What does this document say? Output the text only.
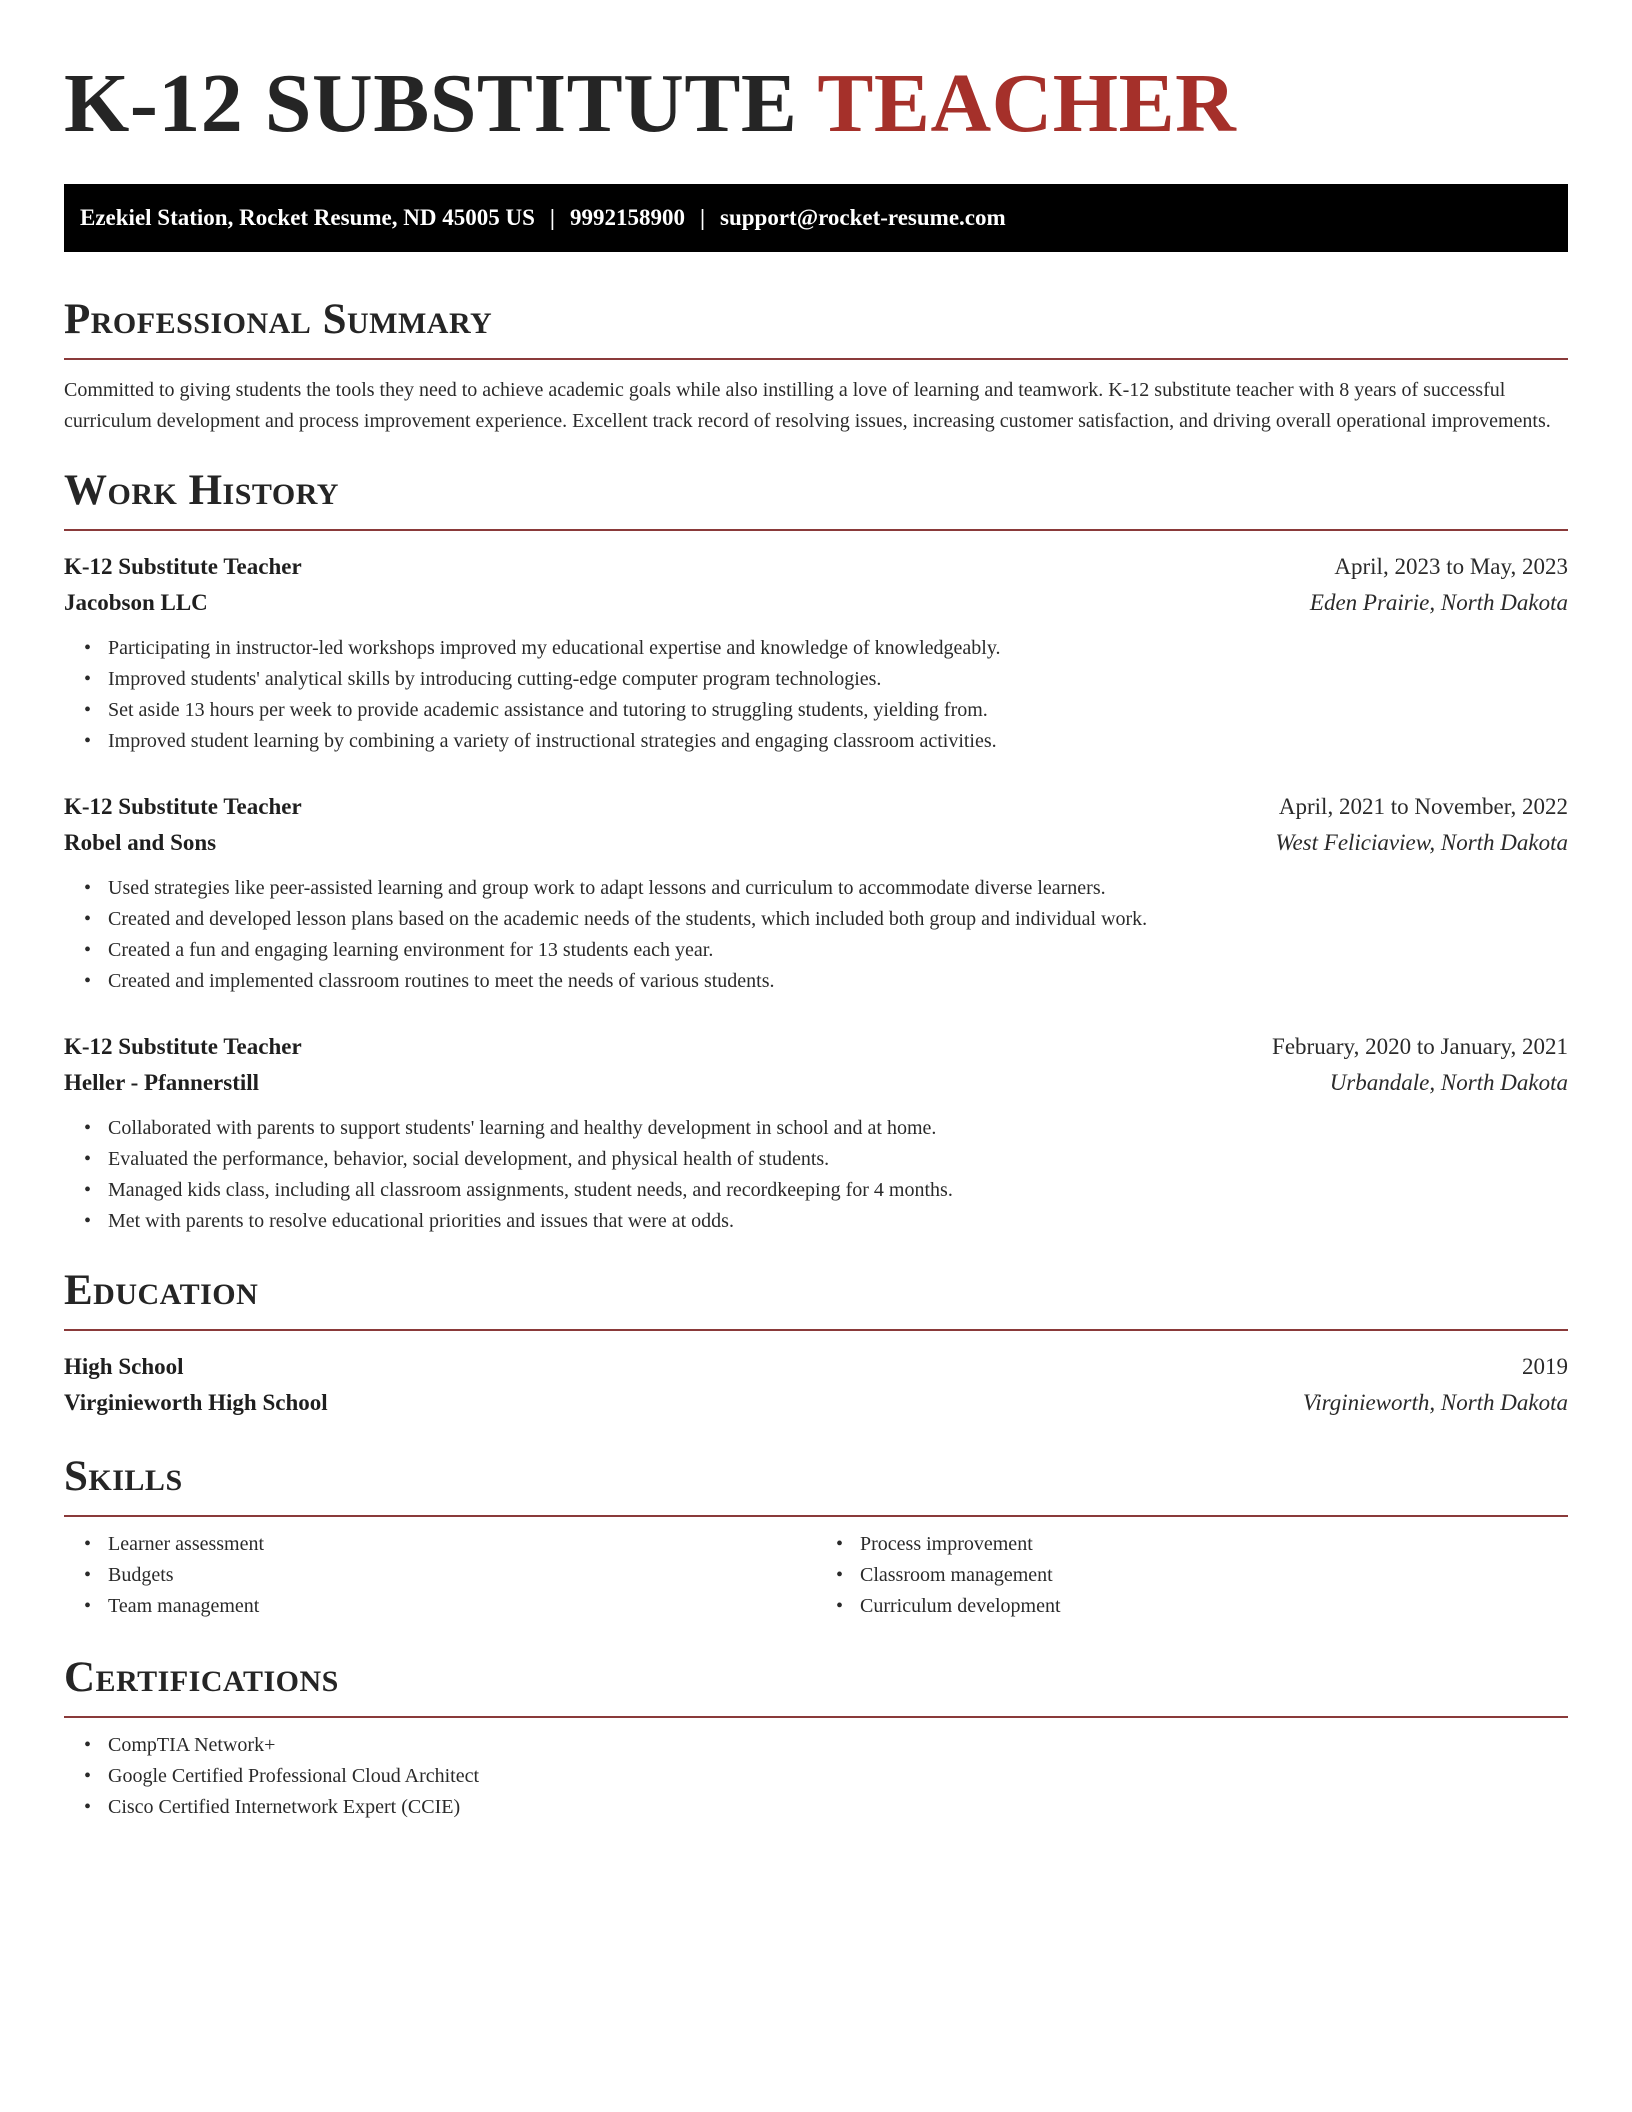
K-12 SUBSTITUTE TEACHER
Ezekiel Station, Rocket Resume, ND 45005 US | 9992158900 | support@rocket-resume.com
Professional Summary

Committed to giving students the tools they need to achieve academic goals while also instilling a love of learning and teamwork. K-12 substitute teacher with 8 years of successful curriculum development and process improvement experience. Excellent track record of resolving issues, increasing customer satisfaction, and driving overall operational improvements.

Work History
K-12 Substitute Teacher	April, 2023 to May, 2023
Jacobson LLC	Eden Prairie, North Dakota
• Participating in instructor-led workshops improved my educational expertise and knowledge of knowledgeably.
• Improved students' analytical skills by introducing cutting-edge computer program technologies.
• Set aside 13 hours per week to provide academic assistance and tutoring to struggling students, yielding from.
• Improved student learning by combining a variety of instructional strategies and engaging classroom activities.
K-12 Substitute Teacher	April, 2021 to November, 2022
Robel and Sons	West Feliciaview, North Dakota
• Used strategies like peer-assisted learning and group work to adapt lessons and curriculum to accommodate diverse learners.
• Created and developed lesson plans based on the academic needs of the students, which included both group and individual work.
• Created a fun and engaging learning environment for 13 students each year.
• Created and implemented classroom routines to meet the needs of various students.
K-12 Substitute Teacher	February, 2020 to January, 2021
Heller - Pfannerstill	Urbandale, North Dakota
• Collaborated with parents to support students' learning and healthy development in school and at home.
• Evaluated the performance, behavior, social development, and physical health of students.
• Managed kids class, including all classroom assignments, student needs, and recordkeeping for 4 months.
• Met with parents to resolve educational priorities and issues that were at odds.
Education
High School	2019
Virginieworth High School	Virginieworth, North Dakota
Skills
• Learner assessment
• Budgets
• Team management
• Process improvement
• Classroom management
• Curriculum development
Certifications
• CompTIA Network+
• Google Certified Professional Cloud Architect
• Cisco Certified Internetwork Expert (CCIE)
